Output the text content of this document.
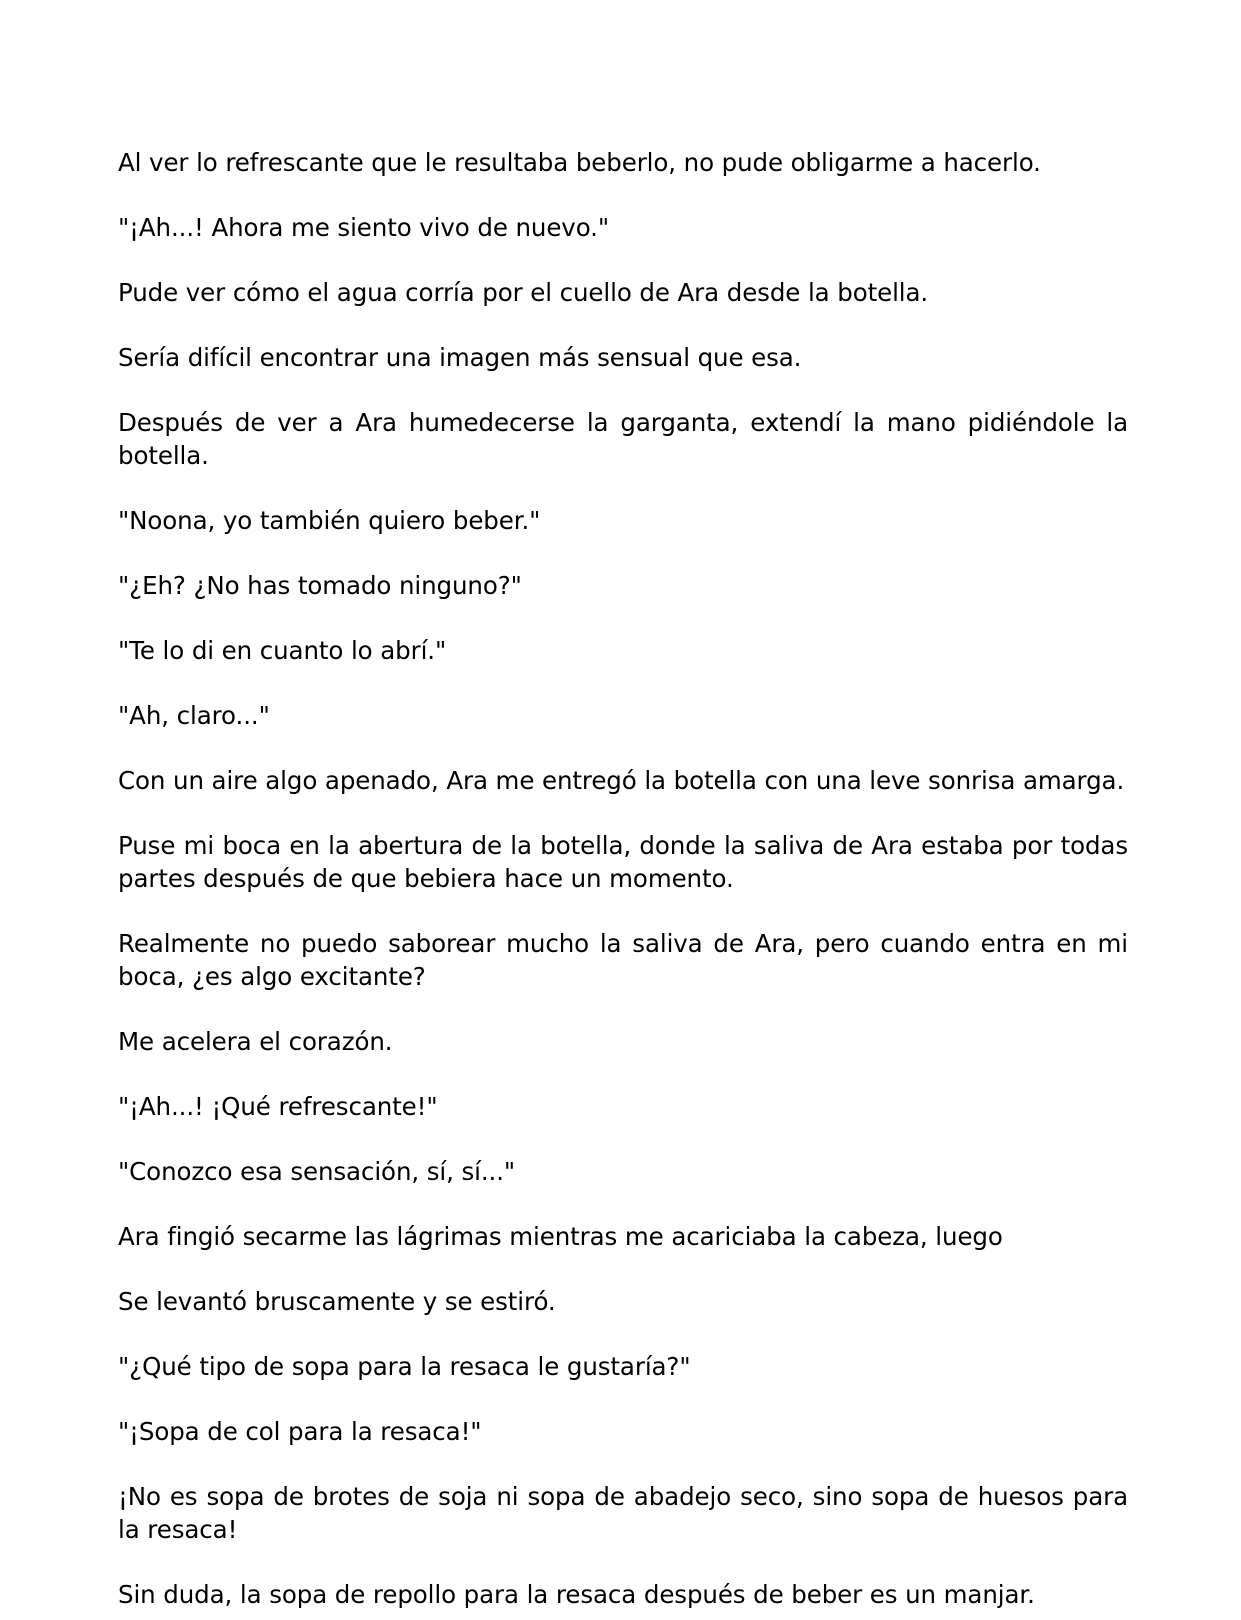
Al ver lo refrescante que le resultaba beberlo, no pude obligarme a hacerlo.

"¡Ah...! Ahora me siento vivo de nuevo."

Pude ver cómo el agua corría por el cuello de Ara desde la botella.

Sería difícil encontrar una imagen más sensual que esa.

Después de ver a Ara humedecerse la garganta, extendí la mano pidiéndole la botella.

"Noona, yo también quiero beber."

"¿Eh? ¿No has tomado ninguno?"

"Te lo di en cuanto lo abrí."

"Ah, claro..."

Con un aire algo apenado, Ara me entregó la botella con una leve sonrisa amarga.

Puse mi boca en la abertura de la botella, donde la saliva de Ara estaba por todas partes después de que bebiera hace un momento.

Realmente no puedo saborear mucho la saliva de Ara, pero cuando entra en mi boca, ¿es algo excitante?

Me acelera el corazón.

"¡Ah...! ¡Qué refrescante!"

"Conozco esa sensación, sí, sí..."

Ara fingió secarme las lágrimas mientras me acariciaba la cabeza, luego

Se levantó bruscamente y se estiró.

"¿Qué tipo de sopa para la resaca le gustaría?"

"¡Sopa de col para la resaca!"

¡No es sopa de brotes de soja ni sopa de abadejo seco, sino sopa de huesos para la resaca!

Sin duda, la sopa de repollo para la resaca después de beber es un manjar.
